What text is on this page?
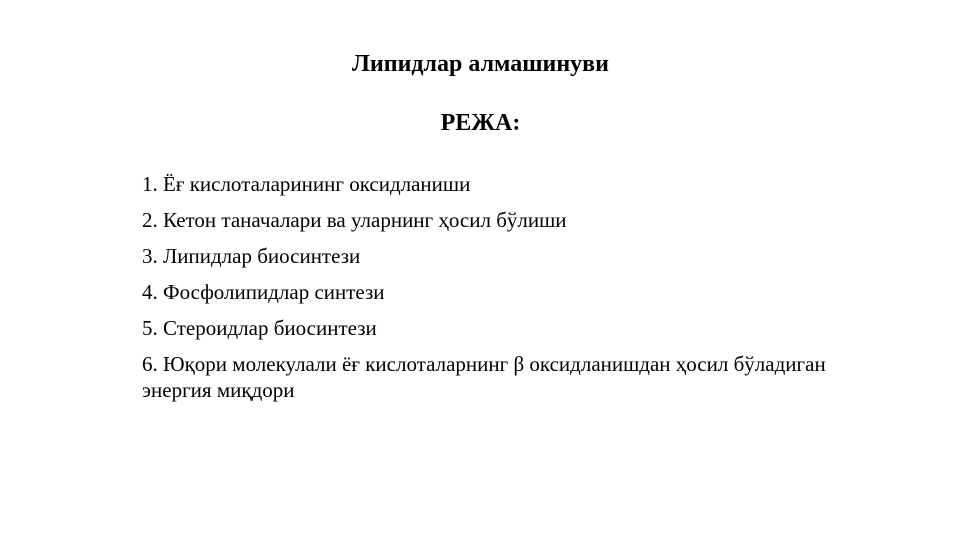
Липидлар алмашинуви
РЕЖА:
1. Ёғ кислоталарининг оксидланиши
2. Кетон таначалари ва уларнинг ҳосил бўлиши
3. Липидлар биосинтези
4. Фосфолипидлар синтези
5. Стероидлар биосинтези
6. Юқори молекулали ёғ кислоталарнинг β оксидланишдан ҳосил бўладиган энергия миқдори
